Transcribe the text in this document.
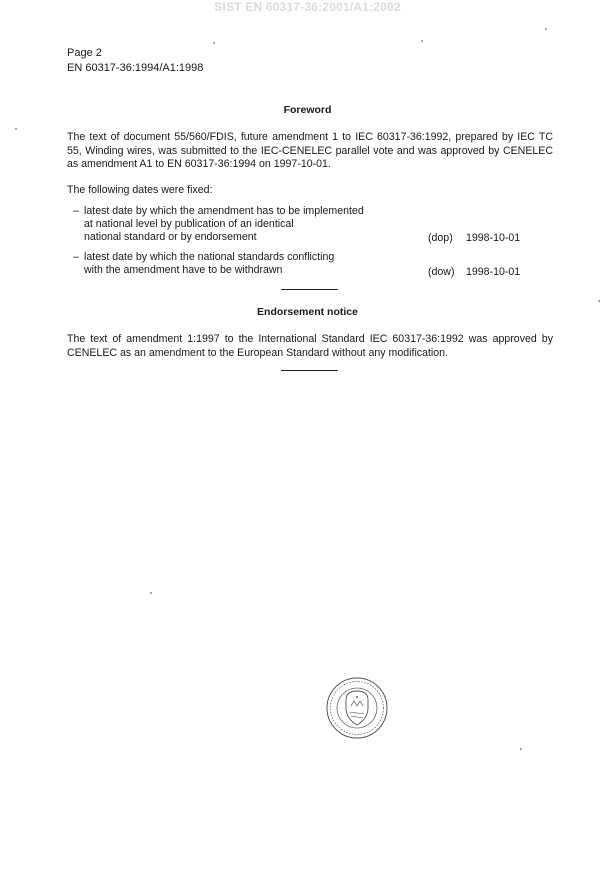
SIST EN 60317-36:2001/A1:2002
Page 2
EN 60317-36:1994/A1:1998
Foreword
The text of document 55/560/FDIS, future amendment 1 to IEC 60317-36:1992, prepared by IEC TC 55, Winding wires, was submitted to the IEC-CENELEC parallel vote and was approved by CENELEC as amendment A1 to EN 60317-36:1994 on 1997-10-01.
The following dates were fixed:
– latest date by which the amendment has to be implemented
at national level by publication of an identical
national standard or by endorsement	(dop) 1998-10-01
– latest date by which the national standards conflicting
with the amendment have to be withdrawn	(dow) 1998-10-01
Endorsement notice
The text of amendment 1:1997 to the International Standard IEC 60317-36:1992 was approved by CENELEC as an amendment to the European Standard without any modification.
